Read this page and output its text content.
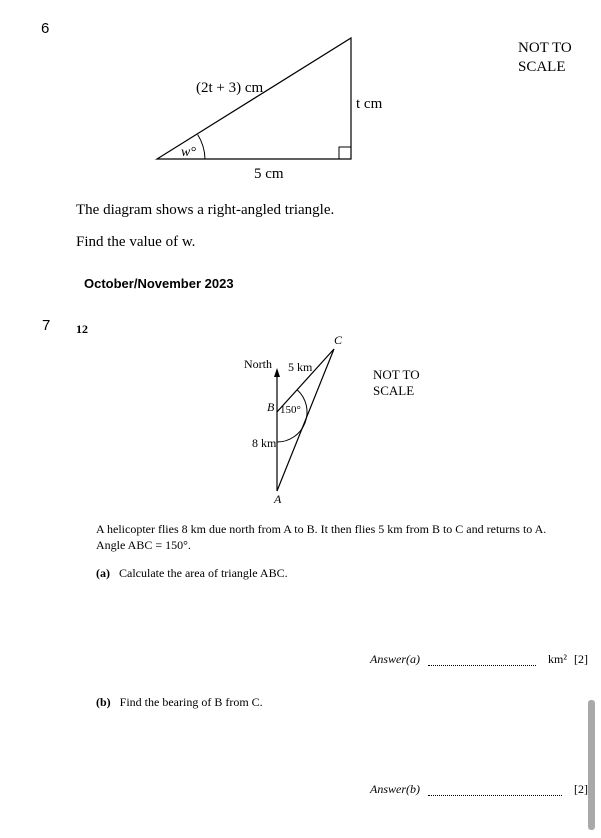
6
NOT TO
SCALE
(2t + 3) cm
t cm
5 cm
w°
The diagram shows a right-angled triangle.
Find the value of w.
October/November 2023
7 12
NOT TO
SCALE
C
B
A
North 5 km
8 km
150°
A helicopter flies 8 km due north from A to B. It then flies 5 km from B to C and returns to A.
Angle ABC = 150°.
(a) Calculate the area of triangle ABC.
Answer(a)	km² [2]
(b) Find the bearing of B from C.
Answer(b)	[2]
